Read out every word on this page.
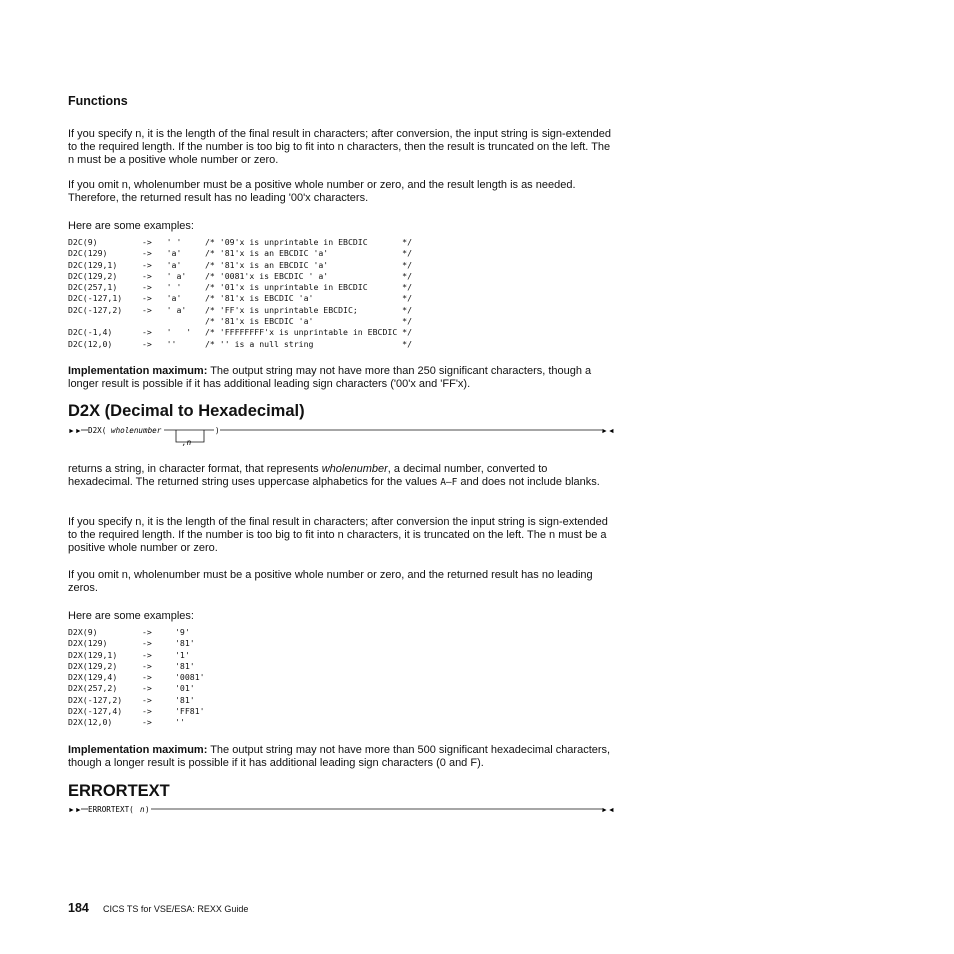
Functions
If you specify n, it is the length of the final result in characters; after conversion, the input string is sign-extended to the required length. If the number is too big to fit into n characters, then the result is truncated on the left. The n must be a positive whole number or zero.
If you omit n, wholenumber must be a positive whole number or zero, and the result length is as needed. Therefore, the returned result has no leading '00'x characters.
Here are some examples:
D2C(9)         ->   ' '
D2C(129)       ->   'a'
D2C(129,1)     ->   'a'
D2C(129,2)     ->   ' a'
D2C(257,1)     ->   ' '
D2C(-127,1)    ->   'a'
D2C(-127,2)    ->   ' a'

D2C(-1,4)      ->   '   '
D2C(12,0)      ->   ''
/* '09'x is unprintable in EBCDIC       */
/* '81'x is an EBCDIC 'a'               */
/* '81'x is an EBCDIC 'a'               */
/* '0081'x is EBCDIC ' a'               */
/* '01'x is unprintable in EBCDIC       */
/* '81'x is EBCDIC 'a'                  */
/* 'FF'x is unprintable EBCDIC;         */
/* '81'x is EBCDIC 'a'                  */
/* 'FFFFFFFF'x is unprintable in EBCDIC */
/* '' is a null string                  */
Implementation maximum: The output string may not have more than 250 significant characters, though a longer result is possible if it has additional leading sign characters ('00'x and 'FF'x).
D2X (Decimal to Hexadecimal)
►► D2X( wholenumber
,n
)	►◄
returns a string, in character format, that represents wholenumber, a decimal number, converted to hexadecimal. The returned string uses uppercase alphabetics for the values A–F and does not include blanks.
If you specify n, it is the length of the final result in characters; after conversion the input string is sign-extended to the required length. If the number is too big to fit into n characters, it is truncated on the left. The n must be a positive whole number or zero.
If you omit n, wholenumber must be a positive whole number or zero, and the returned result has no leading zeros.
Here are some examples:
D2X(9)         ->
D2X(129)       ->
D2X(129,1)     ->
D2X(129,2)     ->
D2X(129,4)     ->
D2X(257,2)     ->
D2X(-127,2)    ->
D2X(-127,4)    ->
D2X(12,0)      ->
'9'
'81'
'1'
'81'
'0081'
'01'
'81'
'FF81'
''
Implementation maximum: The output string may not have more than 500 significant hexadecimal characters, though a longer result is possible if it has additional leading sign characters (0 and F).
ERRORTEXT
►► ERRORTEXT( n )	►◄
184 CICS TS for VSE/ESA: REXX Guide
